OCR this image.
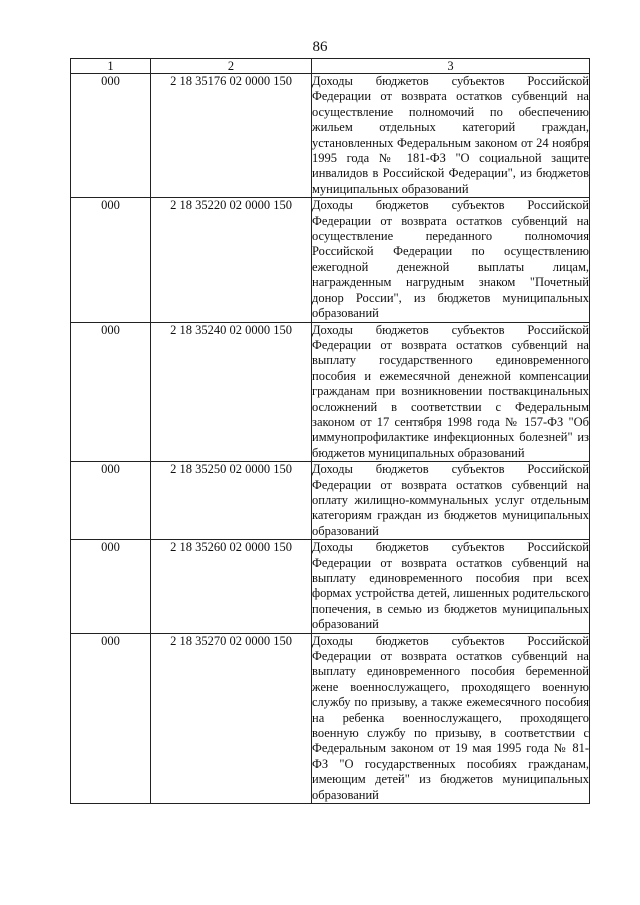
86
1	2	3
000	2 18 35176 02 0000 150	Доходы бюджетов субъектов Российской Федерации от возврата остатков субвенций на осуществление полномочий по обеспечению жильем отдельных категорий граждан, установленных Федеральным законом от 24 ноября 1995 года № 181-ФЗ "О социальной защите инвалидов в Российской Федерации", из бюджетов муниципальных образований
000	2 18 35220 02 0000 150	Доходы бюджетов субъектов Российской Федерации от возврата остатков субвенций на осуществление переданного полномочия Российской Федерации по осуществлению ежегодной денежной выплаты лицам, награжденным нагрудным знаком "Почетный донор России", из бюджетов муниципальных образований
000	2 18 35240 02 0000 150	Доходы бюджетов субъектов Российской Федерации от возврата остатков субвенций на выплату государственного единовременного пособия и ежемесячной денежной компенсации гражданам при возникновении поствакцинальных осложнений в соответствии с Федеральным законом от 17 сентября 1998 года № 157-ФЗ "Об иммунопрофилактике инфекционных болезней" из бюджетов муниципальных образований
000	2 18 35250 02 0000 150	Доходы бюджетов субъектов Российской Федерации от возврата остатков субвенций на оплату жилищно-коммунальных услуг отдельным категориям граждан из бюджетов муниципальных образований
000	2 18 35260 02 0000 150	Доходы бюджетов субъектов Российской Федерации от возврата остатков субвенций на выплату единовременного пособия при всех формах устройства детей, лишенных родительского попечения, в семью из бюджетов муниципальных образований
000	2 18 35270 02 0000 150	Доходы бюджетов субъектов Российской Федерации от возврата остатков субвенций на выплату единовременного пособия беременной жене военнослужащего, проходящего военную службу по призыву, а также ежемесячного пособия на ребенка военнослужащего, проходящего военную службу по призыву, в соответствии с Федеральным законом от 19 мая 1995 года № 81-ФЗ "О государственных пособиях гражданам, имеющим детей" из бюджетов муниципальных образований
